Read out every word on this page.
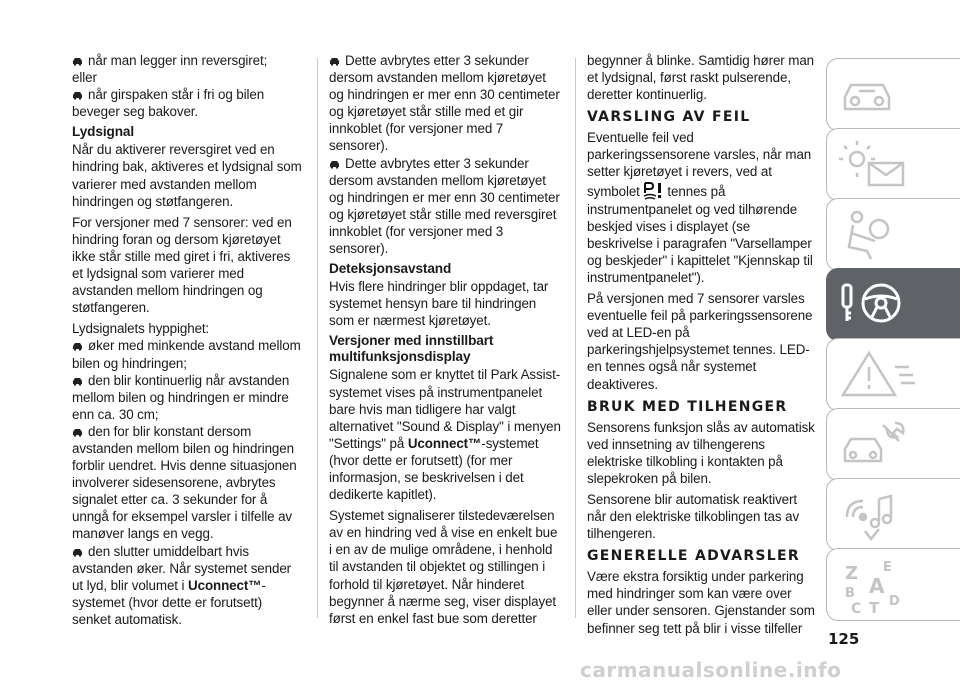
når man legger inn reversgiret;

eller

når girspaken står i fri og bilen beveger seg bakover.

Lydsignal

Når du aktiverer reversgiret ved en hindring bak, aktiveres et lydsignal som varierer med avstanden mellom hindringen og støtfangeren.

For versjoner med 7 sensorer: ved en hindring foran og dersom kjøretøyet ikke står stille med giret i fri, aktiveres et lydsignal som varierer med avstanden mellom hindringen og støtfangeren.

Lydsignalets hyppighet:

øker med minkende avstand mellom bilen og hindringen;

den blir kontinuerlig når avstanden mellom bilen og hindringen er mindre enn ca. 30 cm;

den for blir konstant dersom avstanden mellom bilen og hindringen forblir uendret. Hvis denne situasjonen involverer sidesensorene, avbrytes signalet etter ca. 3 sekunder for å unngå for eksempel varsler i tilfelle av manøver langs en vegg.

den slutter umiddelbart hvis avstanden øker. Når systemet sender ut lyd, blir volumet i Uconnect™-systemet (hvor dette er forutsett) senket automatisk.

Dette avbrytes etter 3 sekunder dersom avstanden mellom kjøretøyet og hindringen er mer enn 30 centimeter og kjøretøyet står stille med et gir innkoblet (for versjoner med 7 sensorer).

Dette avbrytes etter 3 sekunder dersom avstanden mellom kjøretøyet og hindringen er mer enn 30 centimeter og kjøretøyet står stille med reversgiret innkoblet (for versjoner med 3 sensorer).

Deteksjonsavstand

Hvis flere hindringer blir oppdaget, tar systemet hensyn bare til hindringen som er nærmest kjøretøyet.

Versjoner med innstillbart multifunksjonsdisplay

Signalene som er knyttet til Park Assist-systemet vises på instrumentpanelet bare hvis man tidligere har valgt alternativet "Sound & Display" i menyen "Settings" på Uconnect™-systemet (hvor dette er forutsett) (for mer informasjon, se beskrivelsen i det dedikerte kapitlet).

Systemet signaliserer tilstedeværelsen av en hindring ved å vise en enkelt bue i en av de mulige områdene, i henhold til avstanden til objektet og stillingen i forhold til kjøretøyet. Når hinderet begynner å nærme seg, viser displayet først en enkel fast bue som deretter

begynner å blinke. Samtidig hører man et lydsignal, først raskt pulserende, deretter kontinuerlig.

VARSLING AV FEIL

Eventuelle feil ved parkeringssensorene varsles, når man setter kjøretøyet i revers, ved at symbolet tennes på instrumentpanelet og ved tilhørende beskjed vises i displayet (se beskrivelse i paragrafen "Varsellamper og beskjeder" i kapittelet "Kjennskap til instrumentpanelet").

På versjonen med 7 sensorer varsles eventuelle feil på parkeringssensorene ved at LED-en på parkeringshjelpsystemet tennes. LED-en tennes også når systemet deaktiveres.

BRUK MED TILHENGER

Sensorens funksjon slås av automatisk ved innsetning av tilhengerens elektriske tilkobling i kontakten på slepekroken på bilen.

Sensorene blir automatisk reaktivert når den elektriske tilkoblingen tas av tilhengeren.

GENERELLE ADVARSLER

Være ekstra forsiktig under parkering med hindringer som kan være over eller under sensoren. Gjenstander som befinner seg tett på blir i visse tilfeller

Z E
B A
C T D
125
carmanualsonline.info
